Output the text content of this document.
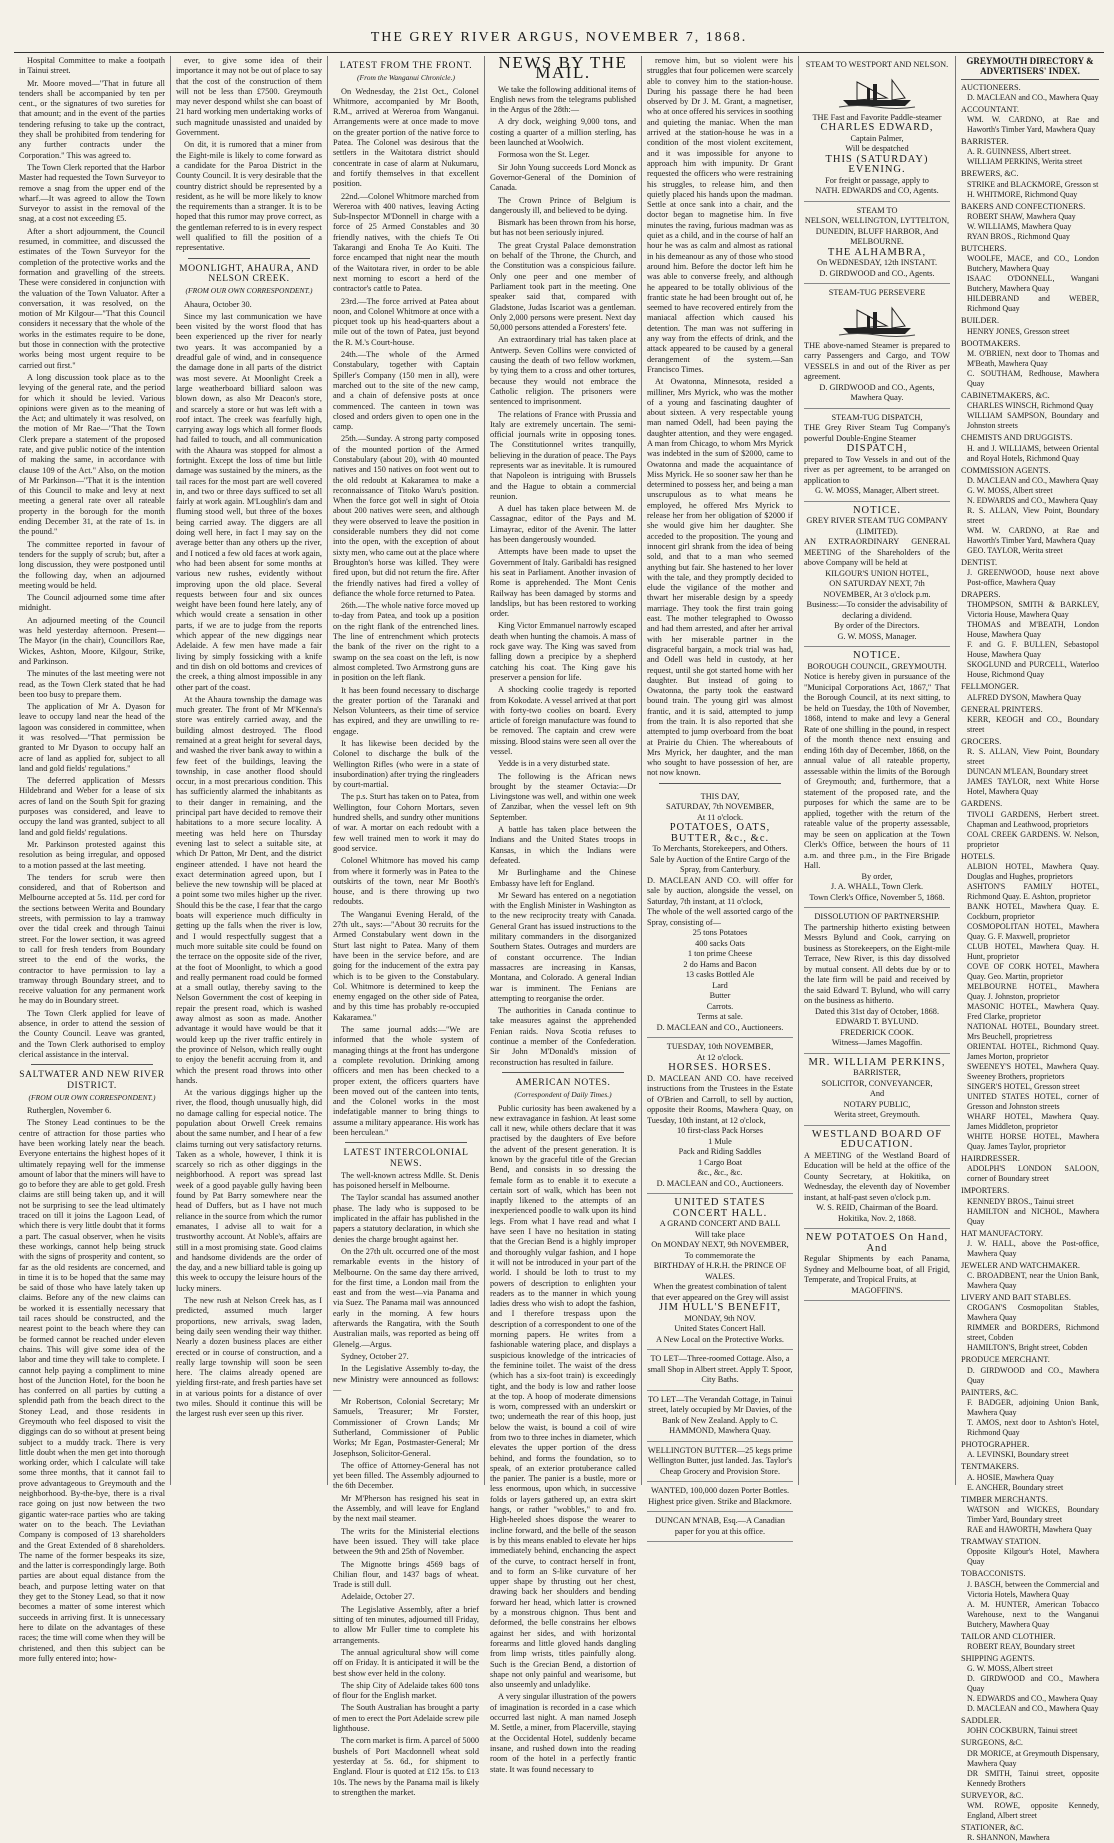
THE GREY RIVER ARGUS, NOVEMBER 7, 1868.

Hospital Committee to make a footpath in Tainui street.

Mr. Moore moved—"That in future all tenders shall be accompanied by ten per cent., or the signatures of two sureties for that amount; and in the event of the parties tendering refusing to take up the contract, they shall be prohibited from tendering for any further contracts under the Corporation." This was agreed to.

The Town Clerk reported that the Harbor Master had requested the Town Surveyor to remove a snag from the upper end of the wharf.—It was agreed to allow the Town Surveyor to assist in the removal of the snag, at a cost not exceeding £5.

After a short adjournment, the Council resumed, in committee, and discussed the estimates of the Town Surveyor for the completion of the protective works and the formation and gravelling of the streets. These were considered in conjunction with the valuation of the Town Valuator. After a conversation, it was resolved, on the motion of Mr Kilgour—"That this Council considers it necessary that the whole of the works in the estimates require to be done, but those in connection with the protective works being most urgent require to be carried out first."

A long discussion took place as to the levying of the general rate, and the period for which it should be levied. Various opinions were given as to the meaning of the Act; and ultimately it was resolved, on the motion of Mr Rae—"That the Town Clerk prepare a statement of the proposed rate, and give public notice of the intention of making the same, in accordance with clause 109 of the Act." Also, on the motion of Mr Parkinson—"That it is the intention of this Council to make and levy at next meeting a general rate over all rateable property in the borough for the month ending December 31, at the rate of 1s. in the pound."

The committee reported in favour of tenders for the supply of scrub; but, after a long discussion, they were postponed until the following day, when an adjourned meeting would be held.

The Council adjourned some time after midnight.

An adjourned meeting of the Council was held yesterday afternoon. Present—The Mayor (in the chair), Councillors Rae, Wickes, Ashton, Moore, Kilgour, Strike, and Parkinson.

The minutes of the last meeting were not read, as the Town Clerk stated that he had been too busy to prepare them.

The application of Mr A. Dyason for leave to occupy land near the head of the lagoon was considered in committee, when it was resolved—"That permission be granted to Mr Dyason to occupy half an acre of land as applied for, subject to all land and gold fields' regulations."

The deferred application of Messrs Hildebrand and Weber for a lease of six acres of land on the South Spit for grazing purposes was considered, and leave to occupy the land was granted, subject to all land and gold fields' regulations.

Mr. Parkinson protested against this resolution as being irregular, and opposed to a motion passed at the last meeting.

The tenders for scrub were then considered, and that of Robertson and Melbourne accepted at 5s. 11d. per cord for the sections between Werita and Boundary streets, with permission to lay a tramway over the tidal creek and through Tainui street. For the lower section, it was agreed to call for fresh tenders from Boundary street to the end of the works, the contractor to have permission to lay a tramway through Boundary street, and to receive valuation for any permanent work he may do in Boundary street.

The Town Clerk applied for leave of absence, in order to attend the session of the County Council. Leave was granted, and the Town Clerk authorised to employ clerical assistance in the interval.

SALTWATER AND NEW RIVER DISTRICT.
(FROM OUR OWN CORRESPONDENT.)

Rutherglen, November 6.

The Stoney Lead continues to be the centre of attraction for those parties who have been working lately near the beach. Everyone entertains the highest hopes of it ultimately repaying well for the immense amount of labor that the miners will have to go to before they are able to get gold. Fresh claims are still being taken up, and it will not be surprising to see the lead ultimately traced on till it joins the Lagoon Lead, of which there is very little doubt that it forms a part. The casual observer, when he visits these workings, cannot help being struck with the signs of prosperity and content, so far as the old residents are concerned, and in time it is to be hoped that the same may be said of those who have lately taken up claims. Before any of the new claims can be worked it is essentially necessary that tail races should be constructed, and the nearest point to the beach where they can be formed cannot be reached under eleven chains. This will give some idea of the labor and time they will take to complete. I cannot help paying a compliment to mine host of the Junction Hotel, for the boon he has conferred on all parties by cutting a splendid path from the beach direct to the Stoney Lead, and those residents in Greymouth who feel disposed to visit the diggings can do so without at present being subject to a muddy track. There is very little doubt when the men get into thorough working order, which I calculate will take some three months, that it cannot fail to prove advantageous to Greymouth and the neighborhood. By-the-bye, there is a rival race going on just now between the two gigantic water-race parties who are taking water on to the beach. The Leviathan Company is composed of 13 shareholders and the Great Extended of 8 shareholders. The name of the former bespeaks its size, and the latter is correspondingly large. Both parties are about equal distance from the beach, and purpose letting water on that they get to the Stoney Lead, so that it now becomes a matter of some interest which succeeds in arriving first. It is unnecessary here to dilate on the advantages of these races; the time will come when they will be christened, and then this subject can be more fully entered into; how-

ever, to give some idea of their importance it may not be out of place to say that the cost of the construction of them will not be less than £7500. Greymouth may never despond whilst she can boast of 21 hard working men undertaking works of such magnitude unassisted and unaided by Government.

On dit, it is rumored that a miner from the Eight-mile is likely to come forward as a candidate for the Paroa District in the County Council. It is very desirable that the country district should be represented by a resident, as he will be more likely to know the requirements than a stranger. It is to be hoped that this rumor may prove correct, as the gentleman referred to is in every respect well qualified to fill the position of a representative.

MOONLIGHT, AHAURA, AND NELSON CREEK.
(FROM OUR OWN CORRESPONDENT.)

Ahaura, October 30.

Since my last communication we have been visited by the worst flood that has been experienced up the river for nearly two years. It was accompanied by a dreadful gale of wind, and in consequence the damage done in all parts of the district was most severe. At Moonlight Creek a large weatherboard billiard saloon was blown down, as also Mr Deacon's store, and scarcely a store or hut was left with a roof intact. The creek was fearfully high, carrying away logs which all former floods had failed to touch, and all communication with the Ahaura was stopped for almost a fortnight. Except the loss of time but little damage was sustained by the miners, as the tail races for the most part are well covered in, and two or three days sufficed to set all fairly at work again. M'Loughlin's dam and fluming stood well, but three of the boxes being carried away. The diggers are all doing well here, in fact I may say on the average better than any others up the river, and I noticed a few old faces at work again, who had been absent for some months at various new rushes, evidently without improving upon the old place. Several requests between four and six ounces weight have been found here lately, any of which would create a sensation in other parts, if we are to judge from the reports which appear of the new diggings near Adelaide. A few men have made a fair living by simply fossicking with a knife and tin dish on old bottoms and crevices of the creek, a thing almost impossible in any other part of the coast.

At the Ahaura township the damage was much greater. The front of Mr M'Kenna's store was entirely carried away, and the building almost destroyed. The flood remained at a great height for several days, and washed the river bank away to within a few feet of the buildings, leaving the township, in case another flood should occur, in a most precarious condition. This has sufficiently alarmed the inhabitants as to their danger in remaining, and the principal part have decided to remove their habitations to a more secure locality. A meeting was held here on Thursday evening last to select a suitable site, at which Dr Patton, Mr Dent, and the district engineer attended. I have not heard the exact determination agreed upon, but I believe the new township will be placed at a point some two miles higher up the river. Should this be the case, I fear that the cargo boats will experience much difficulty in getting up the falls when the river is low, and I would respectfully suggest that a much more suitable site could be found on the terrace on the opposite side of the river, at the foot of Moonlight, to which a good and really permanent road could be formed at a small outlay, thereby saving to the Nelson Government the cost of keeping in repair the present road, which is washed away almost as soon as made. Another advantage it would have would be that it would keep up the river traffic entirely in the province of Nelson, which really ought to enjoy the benefit accruing from it, and which the present road throws into other hands.

At the various diggings higher up the river, the flood, though unusually high, did no damage calling for especial notice. The population about Orwell Creek remains about the same number, and I hear of a few claims turning out very satisfactory returns. Taken as a whole, however, I think it is scarcely so rich as other diggings in the neighborhood. A report was spread last week of a good payable gully having been found by Pat Barry somewhere near the head of Duffers, but as I have not much reliance in the source from which the rumor emanates, I advise all to wait for a trustworthy account. At Noble's, affairs are still in a most promising state. Good claims and handsome dividends are the order of the day, and a new billiard table is going up this week to occupy the leisure hours of the lucky miners.

The new rush at Nelson Creek has, as I predicted, assumed much larger proportions, new arrivals, swag laden, being daily seen wending their way thither. Nearly a dozen business places are either erected or in course of construction, and a really large township will soon be seen here. The claims already opened are yielding first-rate, and fresh parties have set in at various points for a distance of over two miles. Should it continue this will be the largest rush ever seen up this river.

LATEST FROM THE FRONT.
(From the Wanganui Chronicle.)

On Wednesday, the 21st Oct., Colonel Whitmore, accompanied by Mr Booth, R.M., arrived at Wereroa from Wanganui. Arrangements were at once made to move on the greater portion of the native force to Patea. The Colonel was desirous that the settlers in the Waitotara district should concentrate in case of alarm at Nukumaru, and fortify themselves in that excellent position.

22nd.—Colonel Whitmore marched from Wereroa with 400 natives, leaving Acting Sub-Inspector M'Donnell in charge with a force of 25 Armed Constables and 30 friendly natives, with the chiefs Te Oti Takarangi and Enoha Te Ao Kuiti. The force encamped that night near the mouth of the Waitotara river, in order to be able next morning to escort a herd of the contractor's cattle to Patea.

23rd.—The force arrived at Patea about noon, and Colonel Whitmore at once with a picquet took up his head-quarters about a mile out of the town of Patea, just beyond the R. M.'s Court-house.

24th.—The whole of the Armed Constabulary, together with Captain Spiller's Company (150 men in all), were marched out to the site of the new camp, and a chain of defensive posts at once commenced. The canteen in town was closed and orders given to open one in the camp.

25th.—Sunday. A strong party composed of the mounted portion of the Armed Constabulary (about 20), with 40 mounted natives and 150 natives on foot went out to the old redoubt at Kakaramea to make a reconnaissance of Titoko Waru's position. When the force got well in sight of Otoia about 200 natives were seen, and although they were observed to leave the position in considerable numbers they did not come into the open, with the exception of about sixty men, who came out at the place where Broughton's horse was killed. They were fired upon, but did not return the fire. After the friendly natives had fired a volley of defiance the whole force returned to Patea.

26th.—The whole native force moved up to-day from Patea, and took up a position on the right flank of the entrenched lines. The line of entrenchment which protects the bank of the river on the right to a swamp on the sea coast on the left, is now almost completed. Two Armstrong guns are in position on the left flank.

It has been found necessary to discharge the greater portion of the Taranaki and Nelson Volunteers, as their time of service has expired, and they are unwilling to re-engage.

It has likewise been decided by the Colonel to discharge the bulk of the Wellington Rifles (who were in a state of insubordination) after trying the ringleaders by court-martial.

The p.s. Sturt has taken on to Patea, from Wellington, four Cohorn Mortars, seven hundred shells, and sundry other munitions of war. A mortar on each redoubt with a few well trained men to work it may do good service.

Colonel Whitmore has moved his camp from where it formerly was in Patea to the outskirts of the town, near Mr Booth's house, and is there throwing up two redoubts.

The Wanganui Evening Herald, of the 27th ult., says:—"About 30 recruits for the Armed Constabulary went down in the Sturt last night to Patea. Many of them have been in the service before, and are going for the inducement of the extra pay which is to be given to the Constabulary. Col. Whitmore is determined to keep the enemy engaged on the other side of Patea, and by this time has probably re-occupied Kakaramea."

The same journal adds:—"We are informed that the whole system of managing things at the front has undergone a complete revolution. Drinking among officers and men has been checked to a proper extent, the officers quarters have been moved out of the canteen into tents, and the Colonel works in the most indefatigable manner to bring things to assume a military appearance. His work has been herculean."

LATEST INTERCOLONIAL NEWS.

The well-known actress Mdlle. St. Denis has poisoned herself in Melbourne.

The Taylor scandal has assumed another phase. The lady who is supposed to be implicated in the affair has published in the papers a statutory declaration, in which she denies the charge brought against her.

On the 27th ult. occurred one of the most remarkable events in the history of Melbourne. On the same day there arrived, for the first time, a London mail from the east and from the west—via Panama and via Suez. The Panama mail was announced early in the morning. A few hours afterwards the Rangatira, with the South Australian mails, was reported as being off Glenelg.—Argus.

Sydney, October 27.

In the Legislative Assembly to-day, the new Ministry were announced as follows:—

Mr Robertson, Colonial Secretary; Mr Samuels, Treasurer; Mr Forster, Commissioner of Crown Lands; Mr Sutherland, Commissioner of Public Works; Mr Egan, Postmaster-General; Mr Josephson, Solicitor-General.

The office of Attorney-General has not yet been filled. The Assembly adjourned to the 6th December.

Mr M'Pherson has resigned his seat in the Assembly, and will leave for England by the next mail steamer.

The writs for the Ministerial elections have been issued. They will take place between the 9th and 25th of November.

The Mignotte brings 4569 bags of Chilian flour, and 1437 bags of wheat. Trade is still dull.

Adelaide, October 27.

The Legislative Assembly, after a brief sitting of ten minutes, adjourned till Friday, to allow Mr Fuller time to complete his arrangements.

The annual agricultural show will come off on Friday. It is anticipated it will be the best show ever held in the colony.

The ship City of Adelaide takes 600 tons of flour for the English market.

The South Australian has brought a party of men to erect the Port Adelaide screw pile lighthouse.

The corn market is firm. A parcel of 5000 bushels of Port Macdonnell wheat sold yesterday at 5s. 6d., for shipment to England. Flour is quoted at £12 15s. to £13 10s. The news by the Panama mail is likely to strengthen the market.

NEWS BY THE MAIL.

We take the following additional items of English news from the telegrams published in the Argus of the 28th:—

A dry dock, weighing 9,000 tons, and costing a quarter of a million sterling, has been launched at Woolwich.

Formosa won the St. Leger.

Sir John Young succeeds Lord Monck as Governor-General of the Dominion of Canada.

The Crown Prince of Belgium is dangerously ill, and believed to be dying.

Bismark has been thrown from his horse, but has not been seriously injured.

The great Crystal Palace demonstration on behalf of the Throne, the Church, and the Constitution was a conspicious failure. Only one peer and one member of Parliament took part in the meeting. One speaker said that, compared with Gladstone, Judas Iscariot was a gentleman. Only 2,000 persons were present. Next day 50,000 persons attended a Foresters' fete.

An extraordinary trial has taken place at Antwerp. Seven Collins were convicted of causing the death of two fellow workmen, by tying them to a cross and other tortures, because they would not embrace the Catholic religion. The prisoners were sentenced to imprisonment.

The relations of France with Prussia and Italy are extremely uncertain. The semi-official journals write in opposing tones. The Constitutionnel writes tranquilly, believing in the duration of peace. The Pays represents war as inevitable. It is rumoured that Napoleon is intriguing with Brussels and the Hague to obtain a commercial reunion.

A duel has taken place between M. de Cassagnac, editor of the Pays and M. Limayrac, editor of the Avenir. The latter has been dangerously wounded.

Attempts have been made to upset the Government of Italy. Garibaldi has resigned his seat in Parliament. Another invasion of Rome is apprehended. The Mont Cenis Railway has been damaged by storms and landslips, but has been restored to working order.

King Victor Emmanuel narrowly escaped death when hunting the chamois. A mass of rock gave way. The King was saved from falling down a precipice by a shepherd catching his coat. The King gave his preserver a pension for life.

A shocking coolie tragedy is reported from Kokodate. A vessel arrived at that port with forty-two coolies on board. Every article of foreign manufacture was found to be removed. The captain and crew were missing. Blood stains were seen all over the vessel.

Yedde is in a very disturbed state.

The following is the African news brought by the steamer Octavia:—Dr Livingstone was well, and within one week of Zanzibar, when the vessel left on 9th September.

A battle has taken place between the Indians and the United States troops in Kansas, in which the Indians were defeated.

Mr Burlinghame and the Chinese Embassy have left for England.

Mr Seward has entered on a negotiation with the English Minister in Washington as to the new reciprocity treaty with Canada. General Grant has issued instructions to the military commanders in the disorganized Southern States. Outrages and murders are of constant occurrence. The Indian massacres are increasing in Kansas, Montana, and Colorado. A general Indian war is imminent. The Fenians are attempting to reorganise the order.

The authorities in Canada continue to take measures against the apprehended Fenian raids. Nova Scotia refuses to continue a member of the Confederation. Sir John M'Donald's mission of reconstruction has resulted in failure.

AMERICAN NOTES.
(Correspondent of Daily Times.)

Public curiosity has been awakened by a new extravagance in fashion. At least some call it new, while others declare that it was practised by the daughters of Eve before the advent of the present generation. It is known by the graceful title of the Grecian Bend, and consists in so dressing the female form as to enable it to execute a certain sort of walk, which has been not inaptly likened to the attempts of an inexperienced poodle to walk upon its hind legs. From what I have read and what I have seen I have no hesitation in stating that the Grecian Bend is a highly improper and thoroughly vulgar fashion, and I hope it will not be introduced in your part of the world. I should be loth to trust to my powers of description to enlighten your readers as to the manner in which young ladies dress who wish to adopt the fashion, and I therefore trespass upon the description of a correspondent to one of the morning papers. He writes from a fashionable watering place, and displays a suspicious knowledge of the intricacies of the feminine toilet. The waist of the dress (which has a six-foot train) is exceedingly tight, and the body is low and rather loose at the top. A hoop of moderate dimensions is worn, compressed with an underskirt or two; underneath the rear of this hoop, just below the waist, is bound a coil of wire from two to three inches in diameter, which elevates the upper portion of the dress behind, and forms the foundation, so to speak, of an exterior protuberance called the panier. The panier is a bustle, more or less enormous, upon which, in successive folds or layers gathered up, an extra skirt hangs, or rather "wobbles," to and fro. High-heeled shoes dispose the wearer to incline forward, and the belle of the season is by this means enabled to elevate her hips immediately behind, enchancing the aspect of the curve, to contract herself in front, and to form an S-like curvature of her upper shape by thrusting out her chest, drawing back her shoulders and bending forward her head, which latter is crowned by a monstrous chignon. Thus bent and deformed, the belle constrains her elbows against her sides, and with horizontal forearms and little gloved hands dangling from limp wrists, titles painfully along. Such is the Grecian Bend, a distortion of shape not only painful and wearisome, but also unseemly and unladylike.

A very singular illustration of the powers of imagination is recorded in a case which occurred last night. A man named Joseph M. Settle, a miner, from Placerville, staying at the Occidental Hotel, suddenly became insane, and rushed down into the reading room of the hotel in a perfectly frantic state. It was found necessary to

remove him, but so violent were his struggles that four policemen were scarcely able to convey him to the station-house. During his passage there he had been observed by Dr J. M. Grant, a magnetiser, who at once offered his services in soothing and quieting the maniac. When the man arrived at the station-house he was in a condition of the most violent excitement, and it was impossible for anyone to approach him with impunity. Dr Grant requested the officers who were restraining his struggles, to release him, and then quietly placed his hands upon the madman. Settle at once sank into a chair, and the doctor began to magnetise him. In five minutes the raving, furious madman was as quiet as a child, and in the course of half an hour he was as calm and almost as rational in his demeanour as any of those who stood around him. Before the doctor left him he was able to converse freely, and although he appeared to be totally oblivious of the frantic state he had been brought out of, he seemed to have recovered entirely from the maniacal affection which caused his detention. The man was not suffering in any way from the effects of drink, and the attack appeared to be caused by a general derangement of the system.—San Francisco Times.

At Owatonna, Minnesota, resided a milliner, Mrs Myrick, who was the mother of a young and fascinating daughter of about sixteen. A very respectable young man named Odell, had been paying the daughter attention, and they were engaged. A man from Chicago, to whom Mrs Myrick was indebted in the sum of $2000, came to Owatonna and made the acquaintance of Miss Myrick. He so sooner saw her than he determined to possess her, and being a man unscrupulous as to what means he employed, he offered Mrs Myrick to release her from her obligation of $2000 if she would give him her daughter. She acceded to the proposition. The young and innocent girl shrank from the idea of being sold, and that to a man who seemed anything but fair. She hastened to her lover with the tale, and they promptly decided to elude the vigilance of the mother and thwart her miserable design by a speedy marriage. They took the first train going east. The mother telegraphed to Owosso and had them arrested, and after her arrival with her miserable partner in the disgraceful bargain, a mock trial was had, and Odell was held in custody, at her request, until she got started home with her daughter. But instead of going to Owatonna, the party took the eastward bound train. The young girl was almost frantic, and it is said, attempted to jump from the train. It is also reported that she attempted to jump overboard from the boat at Prairie du Chien. The whereabouts of Mrs Myrick, her daughter, and the man who sought to have possession of her, are not now known.

THIS DAY,
SATURDAY, 7th NOVEMBER,
At 11 o'clock.
POTATOES, OATS, BUTTER, &c., &c.
To Merchants, Storekeepers, and Others.
Sale by Auction of the Entire Cargo of the Spray, from Canterbury.
D. MACLEAN AND CO. will offer for sale by auction, alongside the vessel, on Saturday, 7th instant, at 11 o'clock,
The whole of the well assorted cargo of the Spray, consisting of—
25 tons Potatoes
400 sacks Oats
1 ton prime Cheese
2 do Hams and Bacon
13 casks Bottled Ale
Lard
Butter
Carrots.
Terms at sale.
D. MACLEAN and CO., Auctioneers.
TUESDAY, 10th NOVEMBER,
At 12 o'clock.
HORSES. HORSES.
D. MACLEAN AND CO. have received instructions from the Trustees in the Estate of O'Brien and Carroll, to sell by auction, opposite their Rooms, Mawhera Quay, on Tuesday, 10th instant, at 12 o'clock,
10 first-class Pack Horses
1 Mule
Pack and Riding Saddles
1 Cargo Boat
&c., &c., &c.
D. MACLEAN and CO., Auctioneers.
UNITED STATES CONCERT HALL.
A GRAND CONCERT AND BALL
Will take place
On MONDAY NEXT, 9th NOVEMBER,
To commemorate the
BIRTHDAY of H.R.H. the PRINCE OF WALES.
When the greatest combination of talent that ever appeared on the Grey will assist
JIM HULL'S BENEFIT,
MONDAY, 9th NOV.
United States Concert Hall.
A New Local on the Protective Works.
TO LET—Three-roomed Cottage. Also, a small Shop in Albert street. Apply T. Spoor, City Baths.
TO LET—The Verandah Cottage, in Tainui street, lately occupied by Mr Davies, of the Bank of New Zealand. Apply to C. HAMMOND, Mawhera Quay.
WELLINGTON BUTTER—25 kegs prime Wellington Butter, just landed. Jas. Taylor's Cheap Grocery and Provision Store.
WANTED, 100,000 dozen Porter Bottles. Highest price given. Strike and Blackmore.
DUNCAN M'NAB, Esq.—A Canadian paper for you at this office.
STEAM TO WESTPORT AND NELSON.
THE Fast and Favorite Paddle-steamer
CHARLES EDWARD,
Captain Palmer,
Will be despatched
THIS (SATURDAY) EVENING.
For freight or passage, apply to
NATH. EDWARDS and CO, Agents.
STEAM TO
NELSON, WELLINGTON, LYTTELTON, DUNEDIN, BLUFF HARBOR, And MELBOURNE.
THE ALHAMBRA,
On WEDNESDAY, 12th INSTANT.
D. GIRDWOOD and CO., Agents.
STEAM-TUG PERSEVERE
THE above-named Steamer is prepared to carry Passengers and Cargo, and TOW VESSELS in and out of the River as per agreement.
D. GIRDWOOD and CO., Agents, Mawhera Quay.
STEAM-TUG DISPATCH,
THE Grey River Steam Tug Company's powerful Double-Engine Steamer
DISPATCH,
prepared to Tow Vessels in and out of the river as per agreement, to be arranged on application to
G. W. MOSS, Manager, Albert street.
NOTICE.
GREY RIVER STEAM TUG COMPANY (LIMITED).
AN EXTRAORDINARY GENERAL MEETING of the Shareholders of the above Company will be held at
KILGOUR'S UNION HOTEL,
ON SATURDAY NEXT, 7th NOVEMBER, At 3 o'clock p.m.
Business:—To consider the advisability of declaring a dividend.
By order of the Directors.
G. W. MOSS, Manager.
NOTICE.
BOROUGH COUNCIL, GREYMOUTH.
Notice is hereby given in pursuance of the "Municipal Corporations Act, 1867," That the Borough Council, at its next sitting, to be held on Tuesday, the 10th of November, 1868, intend to make and levy a General Rate of one shilling in the pound, in respect of the month thence next ensuing and ending 16th day of December, 1868, on the annual value of all rateable property, assessable within the limits of the Borough of Greymouth; and, furthermore, that a statement of the proposed rate, and the purposes for which the same are to be applied, together with the return of the rateable value of the property assessable, may be seen on application at the Town Clerk's Office, between the hours of 11 a.m. and three p.m., in the Fire Brigade Hall.
By order,
J. A. WHALL, Town Clerk.
Town Clerk's Office, November 5, 1868.
DISSOLUTION OF PARTNERSHIP.
The partnership hitherto existing between Messrs Bylund and Cook, carrying on business as Storekeepers, on the Eight-mile Terrace, New River, is this day dissolved by mutual consent. All debts due by or to the late firm will be paid and received by the said Edward T. Bylund, who will carry on the business as hitherto.
Dated this 31st day of October, 1868.
EDWARD T. BYLUND.
FREDERICK COOK.
Witness—James Magoffin.
MR. WILLIAM PERKINS,
BARRISTER,
SOLICITOR, CONVEYANCER,
And
NOTARY PUBLIC,
Werita street, Greymouth.
WESTLAND BOARD OF EDUCATION.
A MEETING of the Westland Board of Education will be held at the office of the County Secretary, at Hokitika, on Wednesday, the eleventh day of November instant, at half-past seven o'clock p.m.
W. S. REID, Chairman of the Board.
Hokitika, Nov. 2, 1868.
NEW POTATOES On Hand, And
Regular Shipments by each Panama, Sydney and Melbourne boat, of all Frigid, Temperate, and Tropical Fruits, at
MAGOFFIN'S.
GREYMOUTH DIRECTORY & ADVERTISERS' INDEX.
AUCTIONEERS.
D. MACLEAN and CO., Mawhera Quay
ACCOUNTANT.
WM. W. CARDNO, at Rae and Haworth's Timber Yard, Mawhera Quay
BARRISTER.
A. R. GUINNESS, Albert street.
WILLIAM PERKINS, Werita street
BREWERS, &C.
STRIKE and BLACKMORE, Gresson st
H. WHITMORE, Richmond Quay
BAKERS AND CONFECTIONERS.
ROBERT SHAW, Mawhera Quay
W. WILLIAMS, Mawhera Quay
RYAN BROS., Richmond Quay
BUTCHERS.
WOOLFE, MACE, and CO., London Butchery, Mawhera Quay
ISAAC O'DONNELL, Wangani Butchery, Mawhera Quay
HILDEBRAND and WEBER, Richmond Quay
BUILDER.
HENRY JONES, Gresson street
BOOTMAKERS.
M. O'BRIEN, next door to Thomas and M'Beath, Mawhera Quay
C. SOUTHAM, Redhouse, Mawhera Quay
CABINETMAKERS, &C.
CHARLES WINSCH, Richmond Quay
WILLIAM SAMPSON, Boundary and Johnston streets
CHEMISTS AND DRUGGISTS.
H. and J. WILLIAMS, between Oriental and Royal Hotels, Richmond Quay
COMMISSION AGENTS.
D. MACLEAN and CO., Mawhera Quay
G. W. MOSS, Albert street
N. EDWARDS and CO., Mawhera Quay
R. S. ALLAN, View Point, Boundary street
WM. W. CARDNO, at Rae and Haworth's Timber Yard, Mawhera Quay
GEO. TAYLOR, Werita street
DENTIST.
J. GREENWOOD, house next above Post-office, Mawhera Quay
DRAPERS.
THOMPSON, SMITH & BARKLEY, Victoria House, Mawhera Quay
THOMAS and M'BEATH, London House, Mawhera Quay
F. and G. F. BULLEN, Sebastopol House, Mawhera Quay
SKOGLUND and PURCELL, Waterloo House, Richmond Quay
FELLMONGER.
ALFRED DYSON, Mawhera Quay
GENERAL PRINTERS.
KERR, KEOGH and CO., Boundary street
GROCERS.
R. S. ALLAN, View Point, Boundary street
DUNCAN M'LEAN, Boundary street
JAMES TAYLOR, next White Horse Hotel, Mawhera Quay
GARDENS.
TIVOLI GARDENS, Herbert street. Chapman and Leathwood, proprietors
COAL CREEK GARDENS. W. Nelson, proprietor
HOTELS.
ALBION HOTEL, Mawhera Quay. Douglas and Hughes, proprietors
ASHTON'S FAMILY HOTEL, Richmond Quay. E. Ashton, proprietor
BANK HOTEL, Mawhera Quay. E. Cockburn, proprietor
COSMOPOLITAN HOTEL, Mawhera Quay. G. F. Maxwell, proprietor
CLUB HOTEL, Mawhera Quay. H. Hunt, proprietor
COVE OF CORK HOTEL, Mawhera Quay. Geo. Martin, proprietor
MELBOURNE HOTEL, Mawhera Quay. J. Johnston, proprietor
MASONIC HOTEL, Mawhera Quay. Fred Clarke, proprietor
NATIONAL HOTEL, Boundary street. Mrs Beuchell, proprietress
ORIENTAL HOTEL, Richmond Quay. James Morton, proprietor
SWEENEY'S HOTEL, Mawhera Quay. Sweeney Brothers, proprietors
SINGER'S HOTEL, Gresson street
UNITED STATES HOTEL, corner of Gresson and Johnston streets
WHARF HOTEL, Mawhera Quay. James Middleton, proprietor
WHITE HORSE HOTEL, Mawhera Quay. James Taylor, proprietor
HAIRDRESSER.
ADOLPH'S LONDON SALOON, corner of Boundary street
IMPORTERS.
KENNEDY BROS., Tainui street
HAMILTON and NICHOL, Mawhera Quay
HAT MANUFACTORY.
J. W. HALL, above the Post-office, Mawhera Quay
JEWELER AND WATCHMAKER.
C. BROADBENT, near the Union Bank, Mawhera Quay
LIVERY AND BAIT STABLES.
CROGAN'S Cosmopolitan Stables, Mawhera Quay
RIMMER and BORDERS, Richmond street, Cobden
HAMILTON'S, Bright street, Cobden
PRODUCE MERCHANT.
D. GIRDWOOD and CO., Mawhera Quay
PAINTERS, &C.
F. BADGER, adjoining Union Bank, Mawhera Quay
T. AMOS, next door to Ashton's Hotel, Richmond Quay
PHOTOGRAPHER.
A. LEVINSKI, Boundary street
TENTMAKERS.
A. HOSIE, Mawhera Quay
E. ANCHER, Boundary street
TIMBER MERCHANTS.
WATSON and WICKES, Boundary Timber Yard, Boundary street
RAE and HAWORTH, Mawhera Quay
TRAMWAY STATION.
Opposite Kilgour's Hotel, Mawhera Quay
TOBACCONISTS.
J. BASCH, between the Commercial and Victoria Hotels, Mawhera Quay
A. M. HUNTER, American Tobacco Warehouse, next to the Wanganui Butchery, Mawhera Quay
TAILOR AND CLOTHIER.
ROBERT REAY, Boundary street
SHIPPING AGENTS.
G. W. MOSS, Albert street
D. GIRDWOOD and CO., Mawhera Quay
N. EDWARDS and CO., Mawhera Quay
D. MACLEAN and CO., Mawhera Quay
SADDLER.
JOHN COCKBURN, Tainui street
SURGEONS, &C.
DR MORICE, at Greymouth Dispensary, Mawhera Quay
DR SMITH, Tainui street, opposite Kennedy Brothers
SURVEYOR, &C.
WM. ROWE, opposite Kennedy, England, Albert street
STATIONER, &C.
R. SHANNON, Mawhera
